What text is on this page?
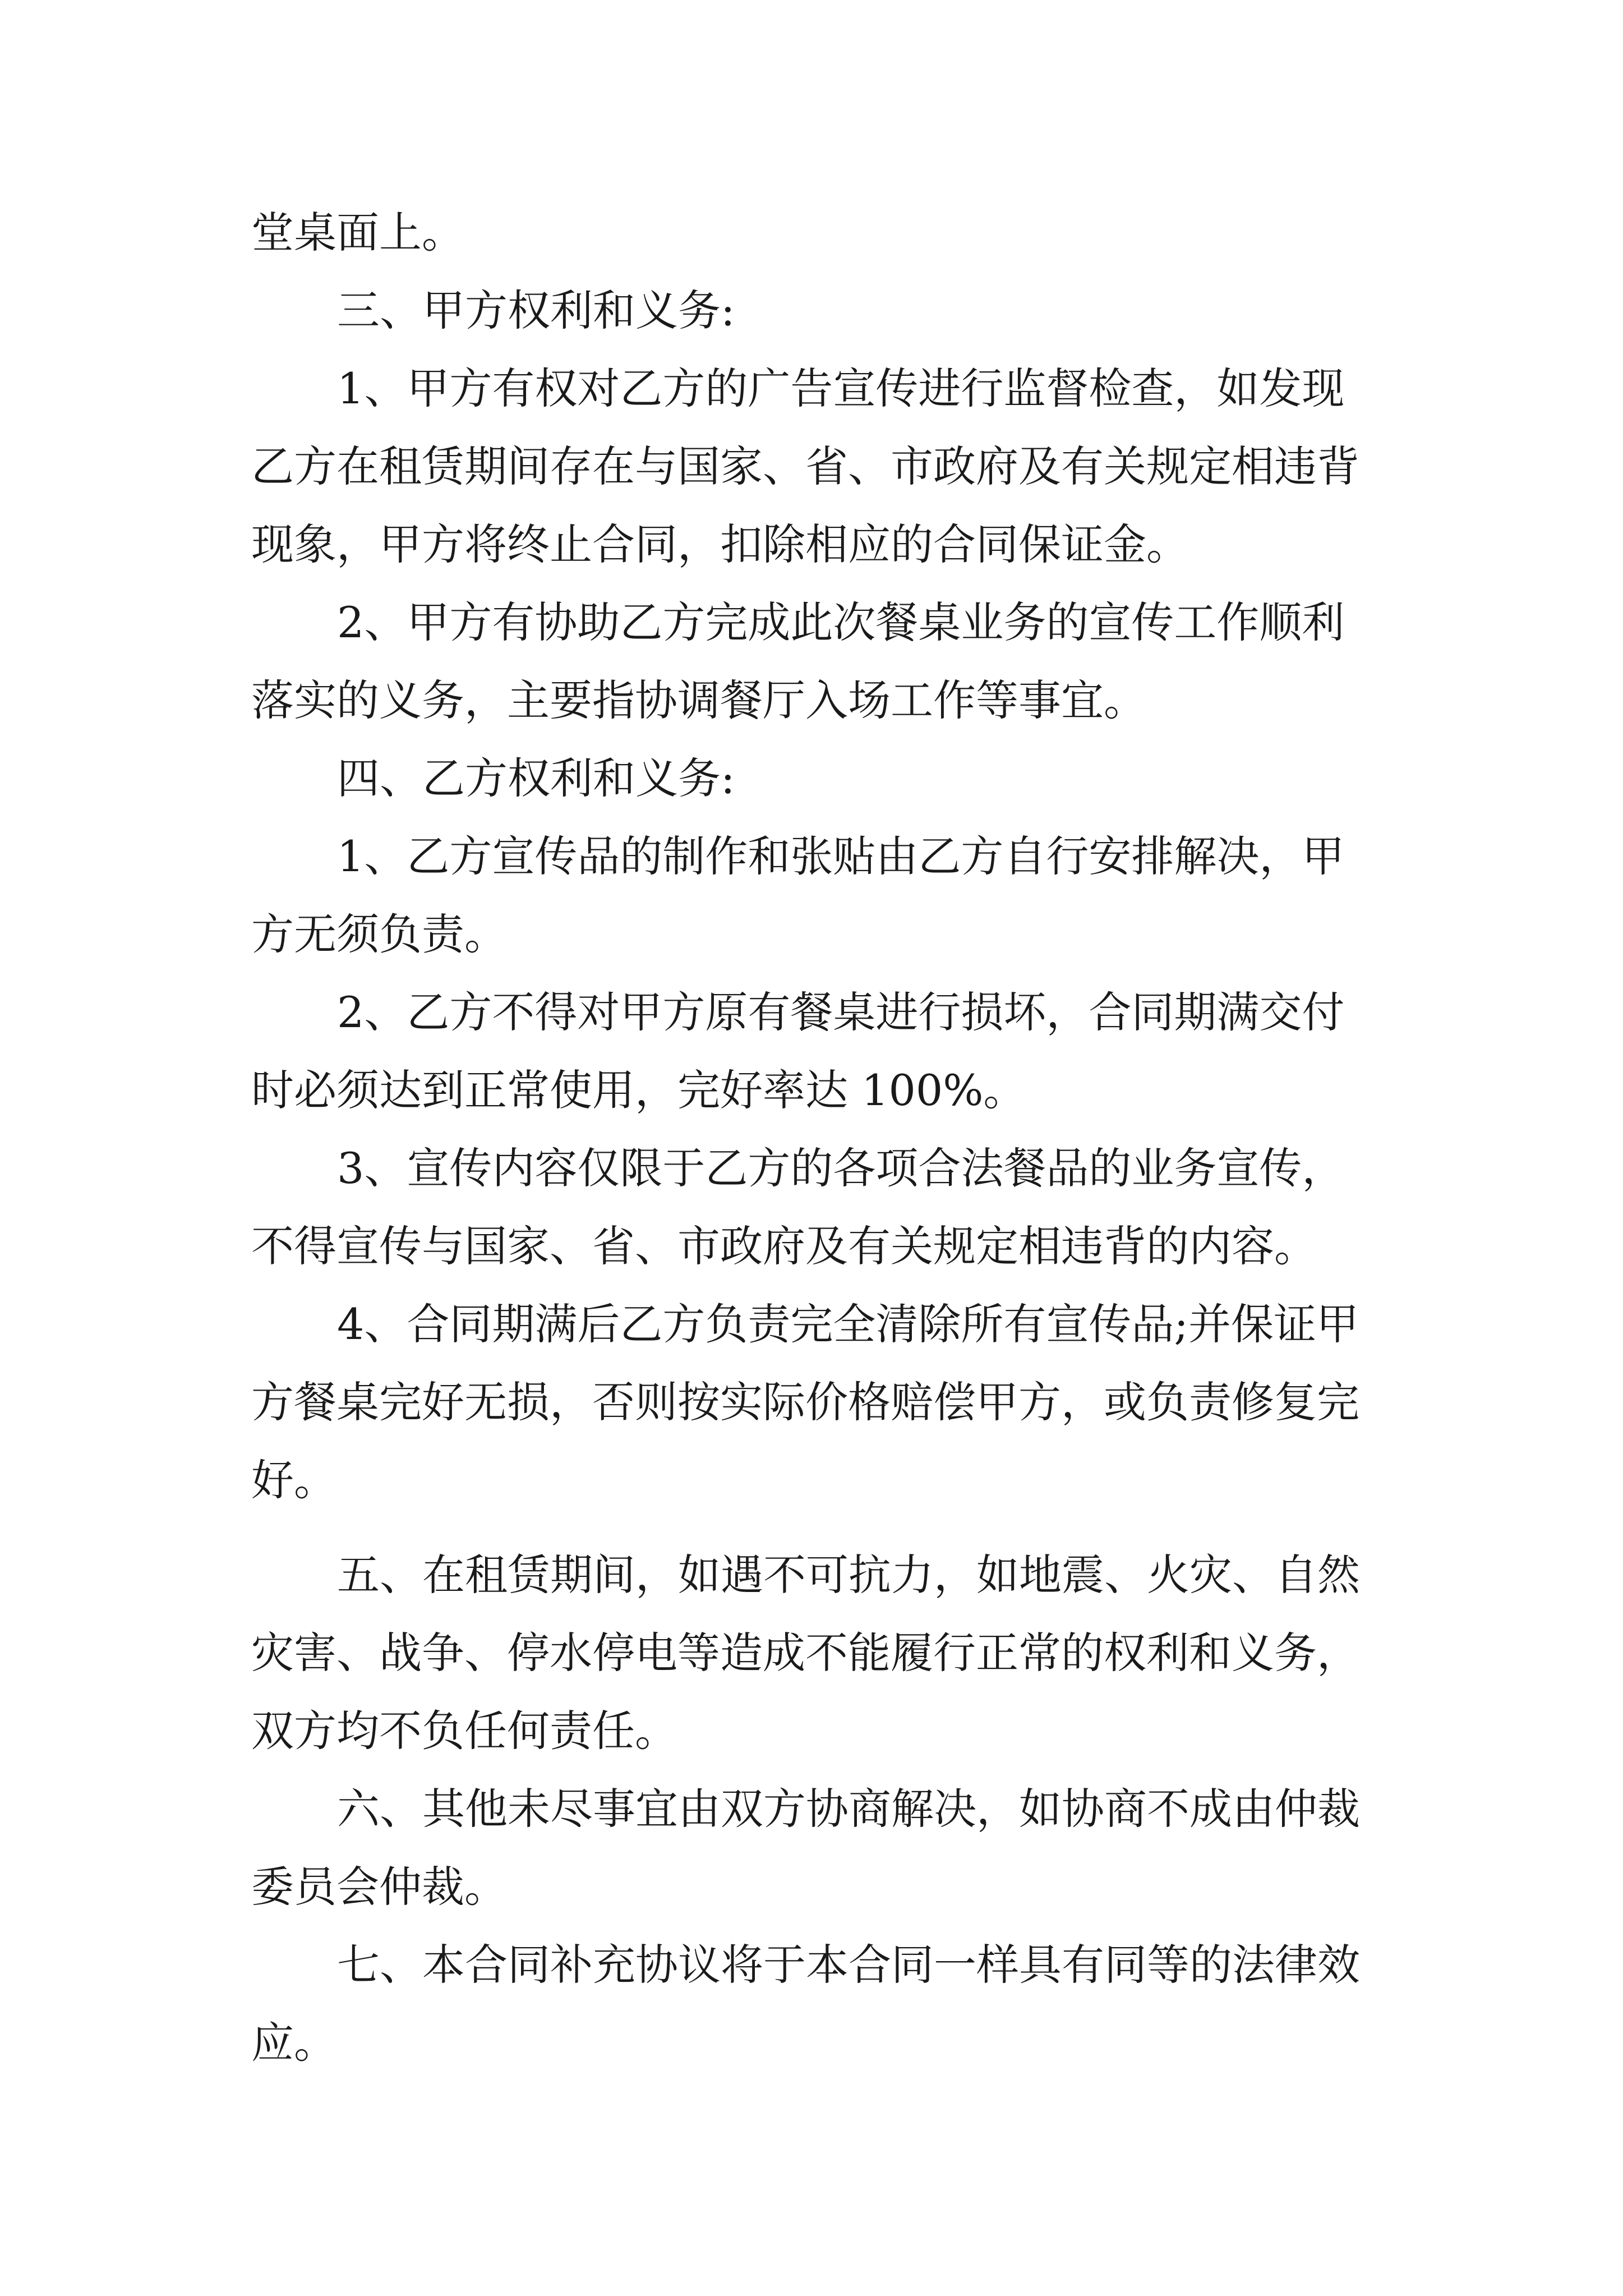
堂桌面上。
三、甲方权利和义务:
1、甲方有权对乙方的广告宣传进行监督检查，如发现
乙方在租赁期间存在与国家、省、市政府及有关规定相违背
现象，甲方将终止合同，扣除相应的合同保证金。
2、甲方有协助乙方完成此次餐桌业务的宣传工作顺利
落实的义务，主要指协调餐厅入场工作等事宜。
四、乙方权利和义务:
1、乙方宣传品的制作和张贴由乙方自行安排解决，甲
方无须负责。
2、乙方不得对甲方原有餐桌进行损坏，合同期满交付
时必须达到正常使用，完好率达 100%。
3、宣传内容仅限于乙方的各项合法餐品的业务宣传，
不得宣传与国家、省、市政府及有关规定相违背的内容。
4、合同期满后乙方负责完全清除所有宣传品;并保证甲
方餐桌完好无损，否则按实际价格赔偿甲方，或负责修复完
好。
五、在租赁期间，如遇不可抗力，如地震、火灾、自然
灾害、战争、停水停电等造成不能履行正常的权利和义务，
双方均不负任何责任。
六、其他未尽事宜由双方协商解决，如协商不成由仲裁
委员会仲裁。
七、本合同补充协议将于本合同一样具有同等的法律效
应。
